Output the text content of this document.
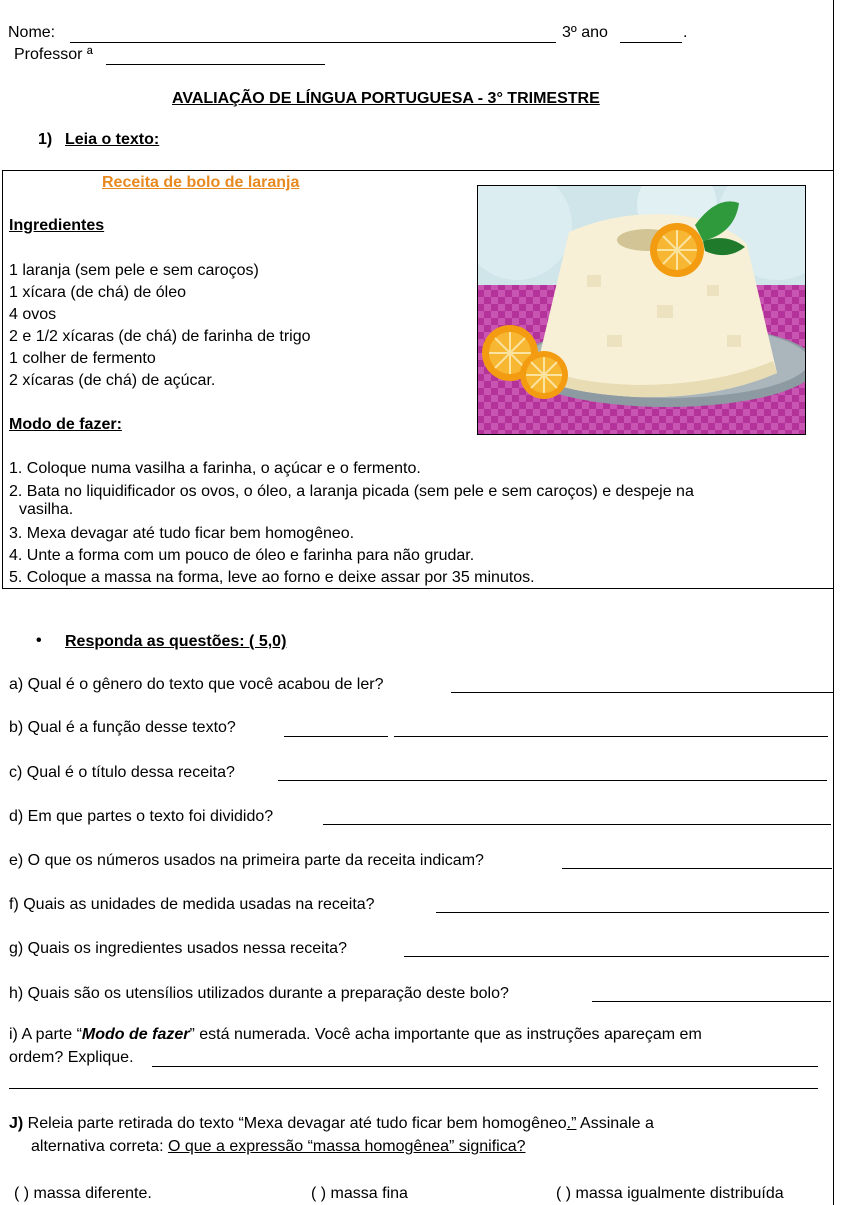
Nome:	3º ano	.
Professor ª
AVALIAÇÃO DE LÍNGUA PORTUGUESA - 3° TRIMESTRE
1) Leia o texto:
Receita de bolo de laranja
Ingredientes
1 laranja (sem pele e sem caroços)
1 xícara (de chá) de óleo
4 ovos
2 e 1/2 xícaras (de chá) de farinha de trigo
1 colher de fermento
2 xícaras (de chá) de açúcar.
Modo de fazer:
1. Coloque numa vasilha a farinha, o açúcar e o fermento.
2. Bata no liquidificador os ovos, o óleo, a laranja picada (sem pele e sem caroços) e despeje na
vasilha.
3. Mexa devagar até tudo ficar bem homogêneo.
4. Unte a forma com um pouco de óleo e farinha para não grudar.
5. Coloque a massa na forma, leve ao forno e deixe assar por 35 minutos.
• Responda as questões: ( 5,0)
a) Qual é o gênero do texto que você acabou de ler?
b) Qual é a função desse texto?
c) Qual é o título dessa receita?
d) Em que partes o texto foi dividido?
e) O que os números usados na primeira parte da receita indicam?
f) Quais as unidades de medida usadas na receita?
g) Quais os ingredientes usados nessa receita?
h) Quais são os utensílios utilizados durante a preparação deste bolo?
i) A parte “Modo de fazer” está numerada. Você acha importante que as instruções apareçam em
ordem? Explique.
J) Releia parte retirada do texto “Mexa devagar até tudo ficar bem homogêneo.” Assinale a
alternativa correta: O que a expressão “massa homogênea” significa?
( ) massa diferente.	( ) massa fina	( ) massa igualmente distribuída
